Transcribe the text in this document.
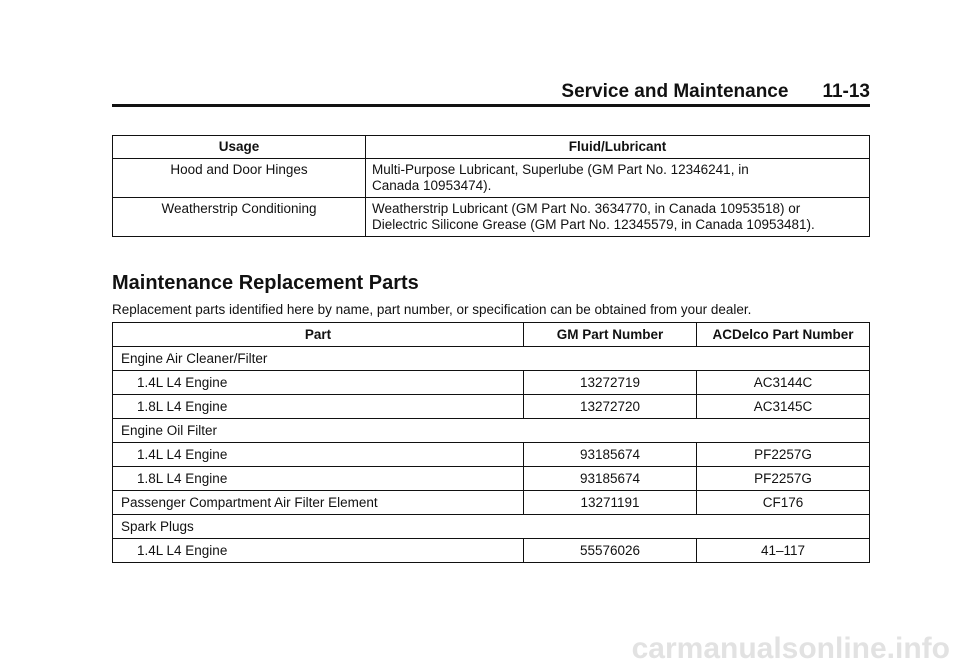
Service and Maintenance 11-13
Usage	Fluid/Lubricant
Hood and Door Hinges	Multi-Purpose Lubricant, Superlube (GM Part No. 12346241, in
Canada 10953474).
Weatherstrip Conditioning	Weatherstrip Lubricant (GM Part No. 3634770, in Canada 10953518) or
Dielectric Silicone Grease (GM Part No. 12345579, in Canada 10953481).
Maintenance Replacement Parts
Replacement parts identified here by name, part number, or specification can be obtained from your dealer.
Part	GM Part Number	ACDelco Part Number
Engine Air Cleaner/Filter		
1.4L L4 Engine	13272719	AC3144C
1.8L L4 Engine	13272720	AC3145C
Engine Oil Filter		
1.4L L4 Engine	93185674	PF2257G
1.8L L4 Engine	93185674	PF2257G
Passenger Compartment Air Filter Element	13271191	CF176
Spark Plugs		
1.4L L4 Engine	55576026	41–117
carmanualsonline.info
